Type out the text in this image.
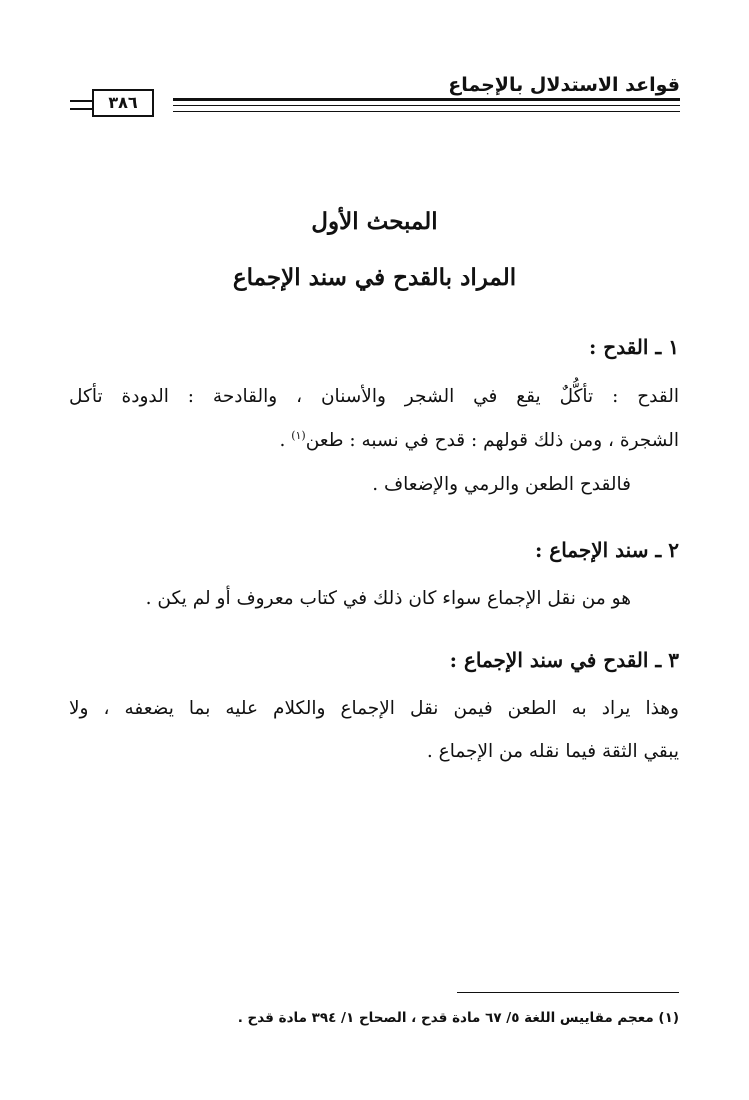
قواعد الاستدلال بالإجماع
٣٨٦
المبحث الأول
المراد بالقدح في سند الإجماع
١ ـ القدح :
القدح : تأكُّلٌ يقع في الشجر والأسنان ، والقادحة : الدودة تأكل
الشجرة ، ومن ذلك قولهم : قدح في نسبه : طعن$^{(١)}$ .
فالقدح الطعن والرمي والإضعاف .
٢ ـ سند الإجماع :
هو من نقل الإجماع سواء كان ذلك في كتاب معروف أو لم يكن .
٣ ـ القدح في سند الإجماع :
وهذا يراد به الطعن فيمن نقل الإجماع والكلام عليه بما يضعفه ، ولا
يبقي الثقة فيما نقله من الإجماع .
(١) معجم مقاييس اللغة ٥/ ٦٧ مادة قدح ، الصحاح ١/ ٣٩٤ مادة قدح .
